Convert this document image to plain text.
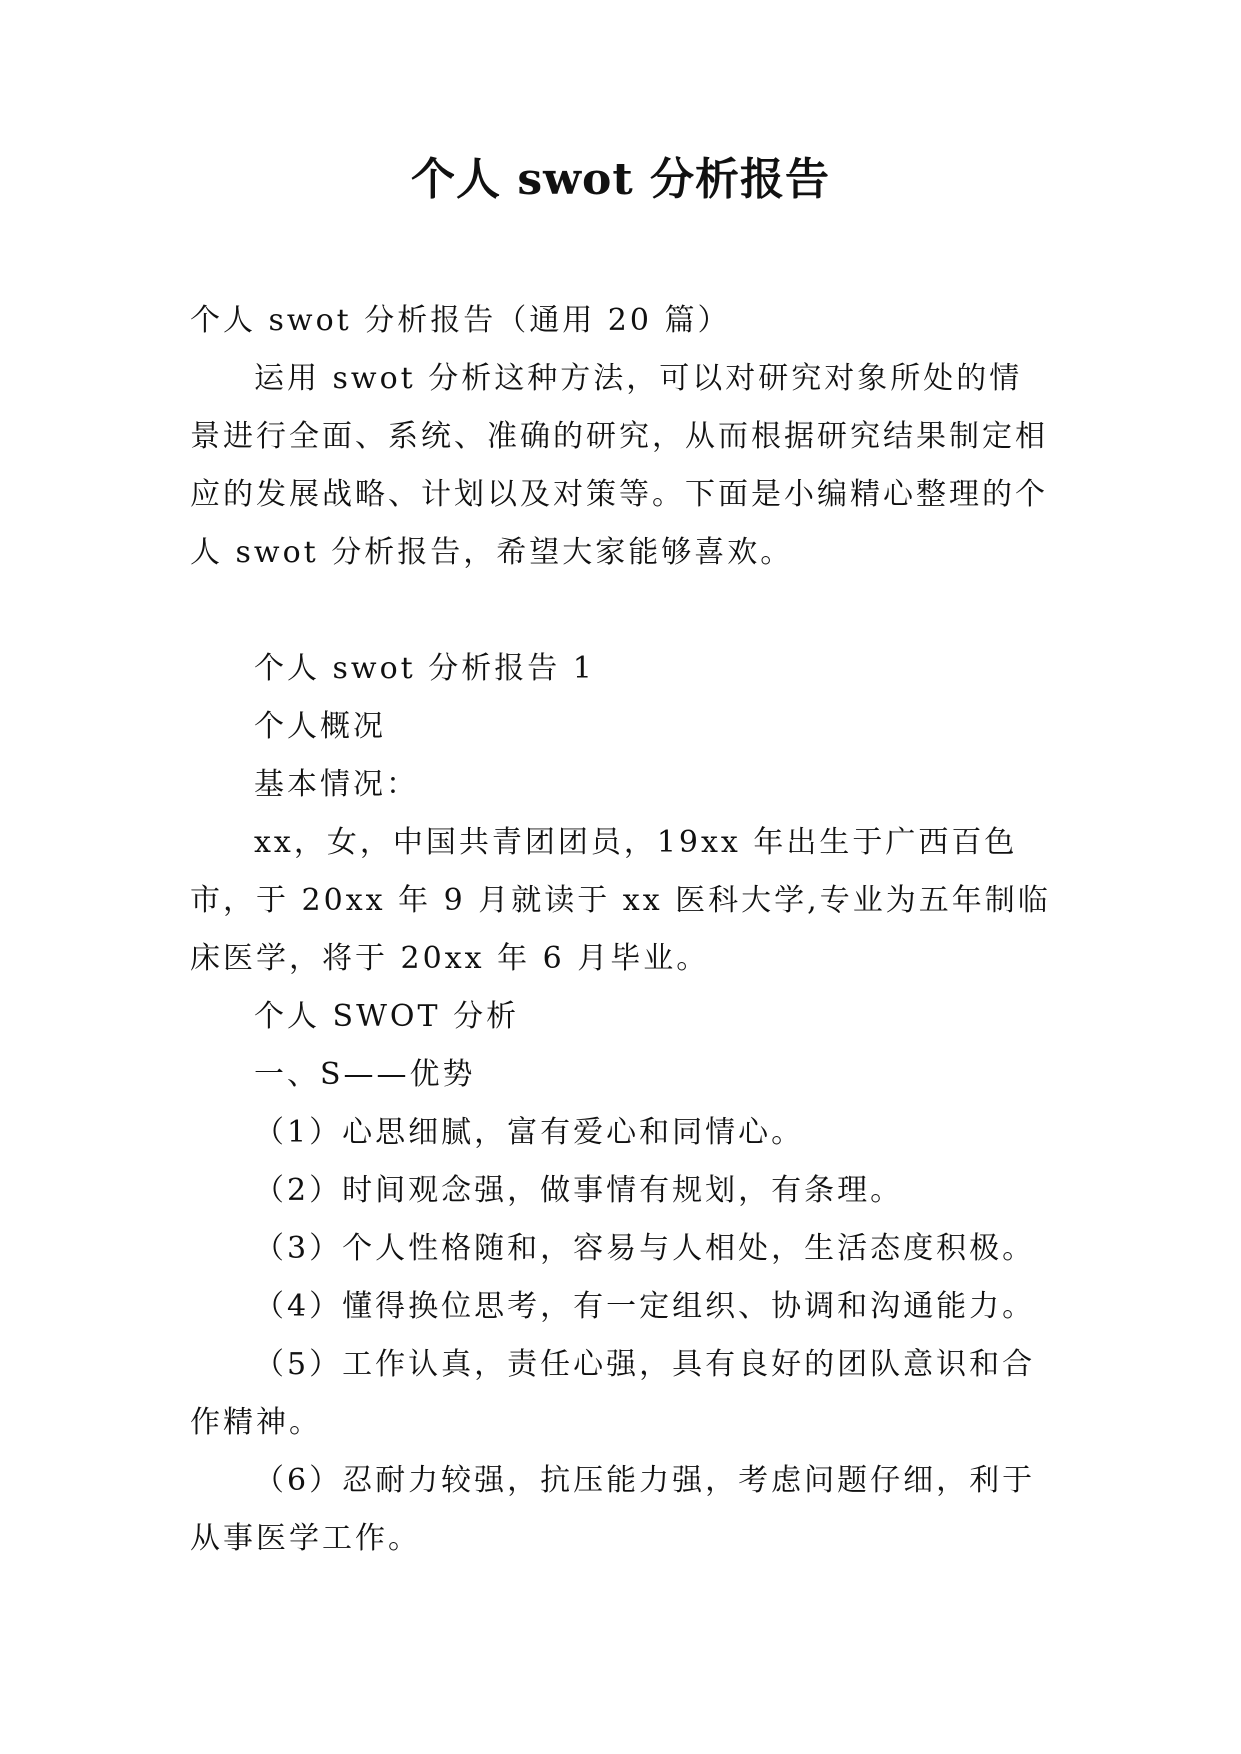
个人 swot 分析报告

个人 swot 分析报告（通用 20 篇）

运用 swot 分析这种方法，可以对研究对象所处的情景进行全面、系统、准确的研究，从而根据研究结果制定相应的发展战略、计划以及对策等。下面是小编精心整理的个人 swot 分析报告，希望大家能够喜欢。

个人 swot 分析报告 1

个人概况

基本情况：

xx，女，中国共青团团员，19xx 年出生于广西百色市，于 20xx 年 9 月就读于 xx 医科大学,专业为五年制临床医学，将于 20xx 年 6 月毕业。

个人 SWOT 分析

一、S——优势

（1）心思细腻，富有爱心和同情心。

（2）时间观念强，做事情有规划，有条理。

（3）个人性格随和，容易与人相处，生活态度积极。

（4）懂得换位思考，有一定组织、协调和沟通能力。

（5）工作认真，责任心强，具有良好的团队意识和合作精神。

（6）忍耐力较强，抗压能力强，考虑问题仔细，利于从事医学工作。
